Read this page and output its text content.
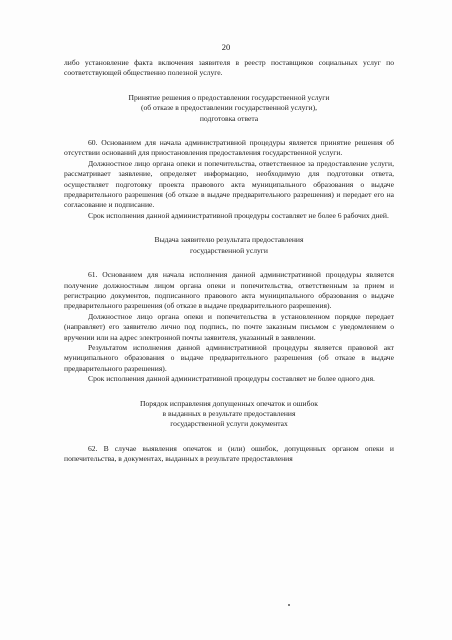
20

либо установление факта включения заявителя в реестр поставщиков социальных услуг по соответствующей общественно полезной услуге.

Принятие решения о предоставлении государственной услуги

(об отказе в предоставлении государственной услуги),

подготовка ответа

60. Основанием для начала административной процедуры является принятие решения об отсутствии оснований для приостановления предоставления государственной услуги.

Должностное лицо органа опеки и попечительства, ответственное за предоставление услуги, рассматривает заявление, определяет информацию, необходимую для подготовки ответа, осуществляет подготовку проекта правового акта муниципального образования о выдаче предварительного разрешения (об отказе в выдаче предварительного разрешения) и передает его на согласование и подписание.

Срок исполнения данной административной процедуры составляет не более 6 рабочих дней.

Выдача заявителю результата предоставления

государственной услуги

61. Основанием для начала исполнения данной административной процедуры является получение должностным лицом органа опеки и попечительства, ответственным за прием и регистрацию документов, подписанного правового акта муниципального образования о выдаче предварительного разрешения (об отказе в выдаче предварительного разрешения).

Должностное лицо органа опеки и попечительства в установленном порядке передает (направляет) его заявителю лично под подпись, по почте заказным письмом с уведомлением о вручении или на адрес электронной почты заявителя, указанный в заявлении.

Результатом исполнения данной административной процедуры является правовой акт муниципального образования о выдаче предварительного разрешения (об отказе в выдаче предварительного разрешения).

Срок исполнения данной административной процедуры составляет не более одного дня.

Порядок исправления допущенных опечаток и ошибок

в выданных в результате предоставления

государственной услуги документах

62. В случае выявления опечаток и (или) ошибок, допущенных органом опеки и попечительства, в документах, выданных в результате предоставления
